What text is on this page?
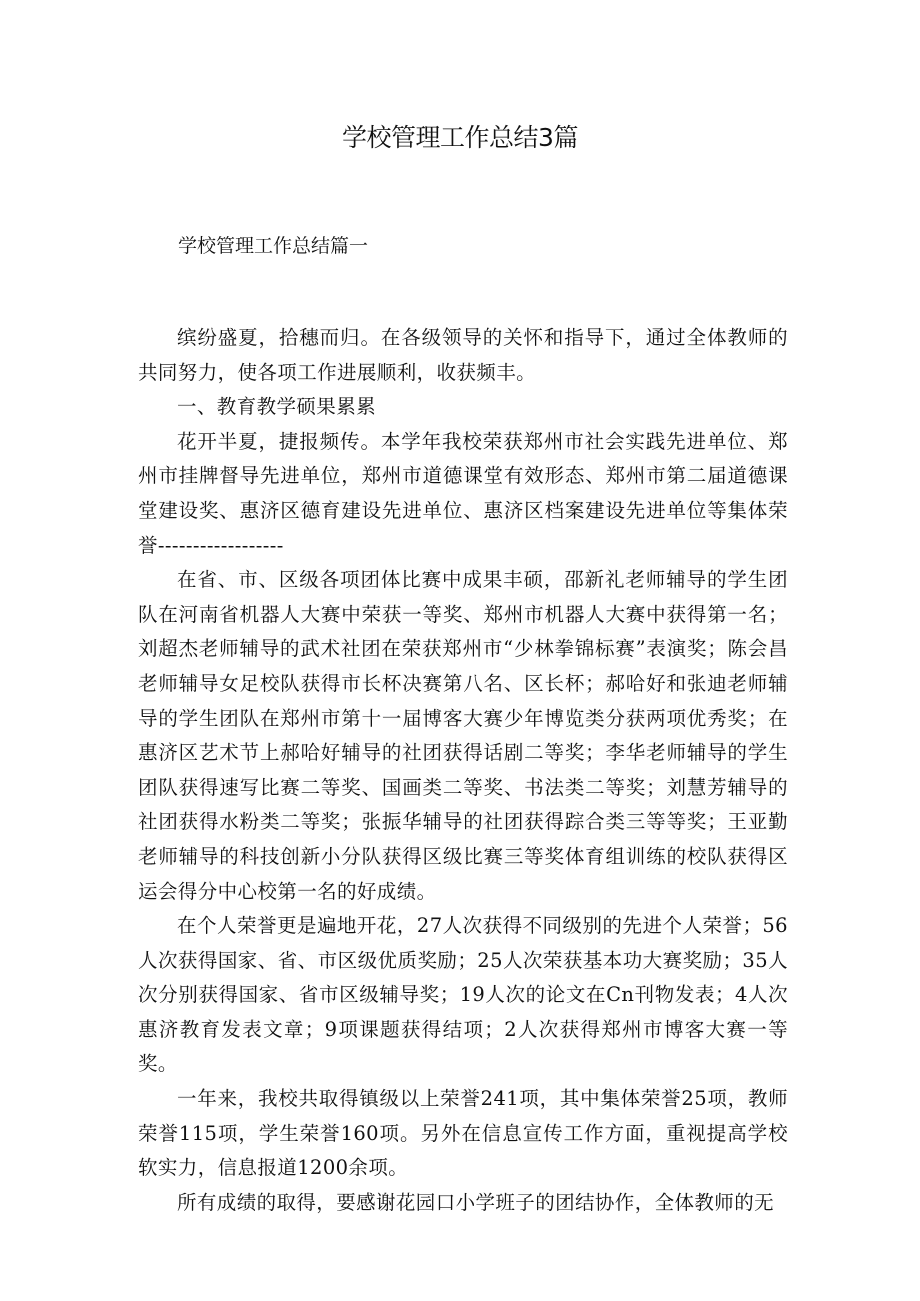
学校管理工作总结3篇
学校管理工作总结篇一

缤纷盛夏，拾穗而归。在各级领导的关怀和指导下，通过全体教师的共同努力，使各项工作进展顺利，收获频丰。

一、教育教学硕果累累

花开半夏，捷报频传。本学年我校荣获郑州市社会实践先进单位、郑州市挂牌督导先进单位，郑州市道德课堂有效形态、郑州市第二届道德课堂建设奖、惠济区德育建设先进单位、惠济区档案建设先进单位等集体荣誉------------------

在省、市、区级各项团体比赛中成果丰硕，邵新礼老师辅导的学生团队在河南省机器人大赛中荣获一等奖、郑州市机器人大赛中获得第一名；刘超杰老师辅导的武术社团在荣获郑州市“少林拳锦标赛”表演奖；陈会昌老师辅导女足校队获得市长杯决赛第八名、区长杯；郝哈好和张迪老师辅导的学生团队在郑州市第十一届博客大赛少年博览类分获两项优秀奖；在惠济区艺术节上郝哈好辅导的社团获得话剧二等奖；李华老师辅导的学生团队获得速写比赛二等奖、国画类二等奖、书法类二等奖；刘慧芳辅导的社团获得水粉类二等奖；张振华辅导的社团获得踪合类三等等奖；王亚勤老师辅导的科技创新小分队获得区级比赛三等奖体育组训练的校队获得区运会得分中心校第一名的好成绩。

在个人荣誉更是遍地开花，27人次获得不同级别的先进个人荣誉；56人次获得国家、省、市区级优质奖励；25人次荣获基本功大赛奖励；35人次分别获得国家、省市区级辅导奖；19人次的论文在Cn刊物发表；4人次惠济教育发表文章；9项课题获得结项；2人次获得郑州市博客大赛一等奖。

一年来，我校共取得镇级以上荣誉241项，其中集体荣誉25项，教师荣誉115项，学生荣誉160项。另外在信息宣传工作方面，重视提高学校软实力，信息报道1200余项。

所有成绩的取得，要感谢花园口小学班子的团结协作，全体教师的无
